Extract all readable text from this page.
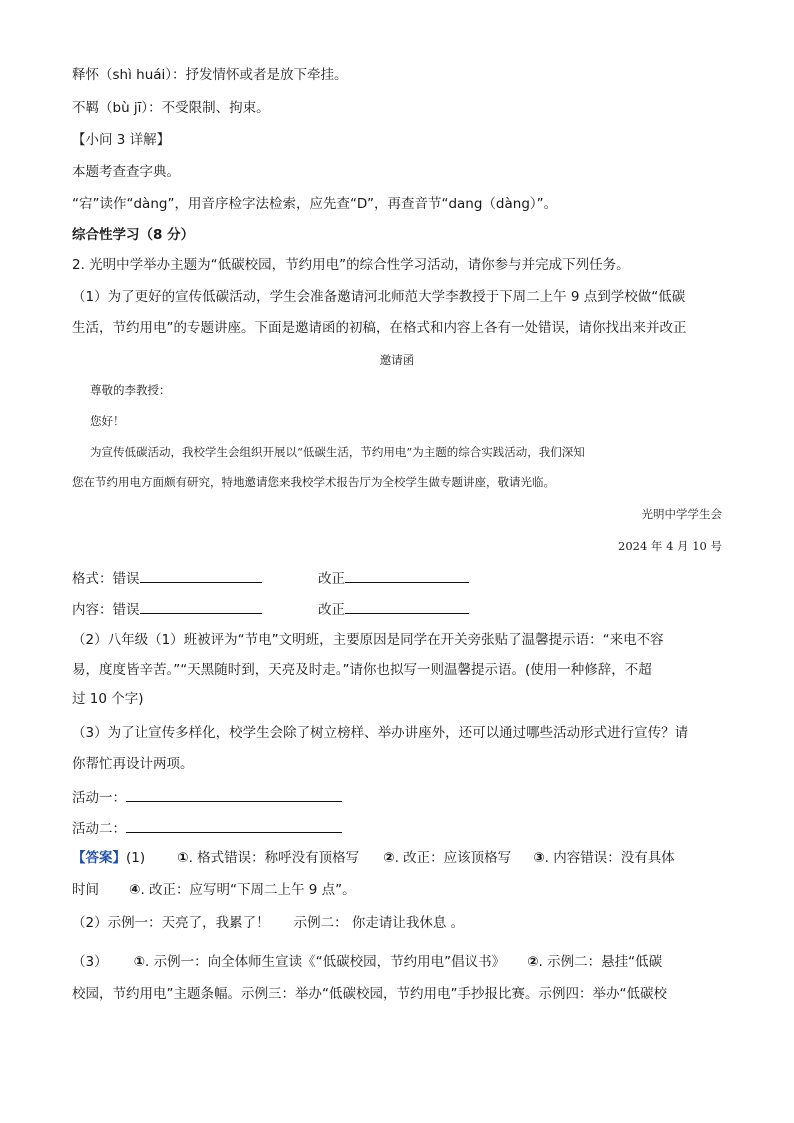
释怀（shì huái）：抒发情怀或者是放下牵挂。
不羁（bù jī）：不受限制、拘束。
【小问 3 详解】
本题考查查字典。
“宕”读作“dàng”，用音序检字法检索，应先查“D”，再查音节“dang（dàng）”。
综合性学习（8 分）
2. 光明中学举办主题为“低碳校园，节约用电”的综合性学习活动，请你参与并完成下列任务。
（1）为了更好的宣传低碳活动，学生会准备邀请河北师范大学李教授于下周二上午 9 点到学校做“低碳
生活，节约用电”的专题讲座。下面是邀请函的初稿，在格式和内容上各有一处错误，请你找出来并改正
邀请函
尊敬的李教授：
您好！
为宣传低碳活动，我校学生会组织开展以“低碳生活，节约用电”为主题的综合实践活动，我们深知
您在节约用电方面颇有研究，特地邀请您来我校学术报告厅为全校学生做专题讲座，敬请光临。
光明中学学生会
2024 年 4 月 10 号
格式：错误	改正
内容：错误	改正
（2）八年级（1）班被评为“节电”文明班，主要原因是同学在开关旁张贴了温馨提示语：“来电不容
易，度度皆辛苦。”“天黑随时到，天亮及时走。”请你也拟写一则温馨提示语。(使用一种修辞，不超
过 10 个字)
（3）为了让宣传多样化，校学生会除了树立榜样、举办讲座外，还可以通过哪些活动形式进行宣传？请
你帮忙再设计两项。
活动一：
活动二：
【答案】(1) ①. 格式错误：称呼没有顶格写 ②. 改正：应该顶格写 ③. 内容错误：没有具体
时间 ④. 改正：应写明“下周二上午 9 点”。
（2）示例一：天亮了，我累了！ 示例二： 你走请让我休息 。
（3） ①. 示例一：向全体师生宣读《“低碳校园，节约用电”倡议书》 ②. 示例二：悬挂“低碳
校园，节约用电”主题条幅。示例三：举办“低碳校园，节约用电”手抄报比赛。示例四：举办“低碳校
